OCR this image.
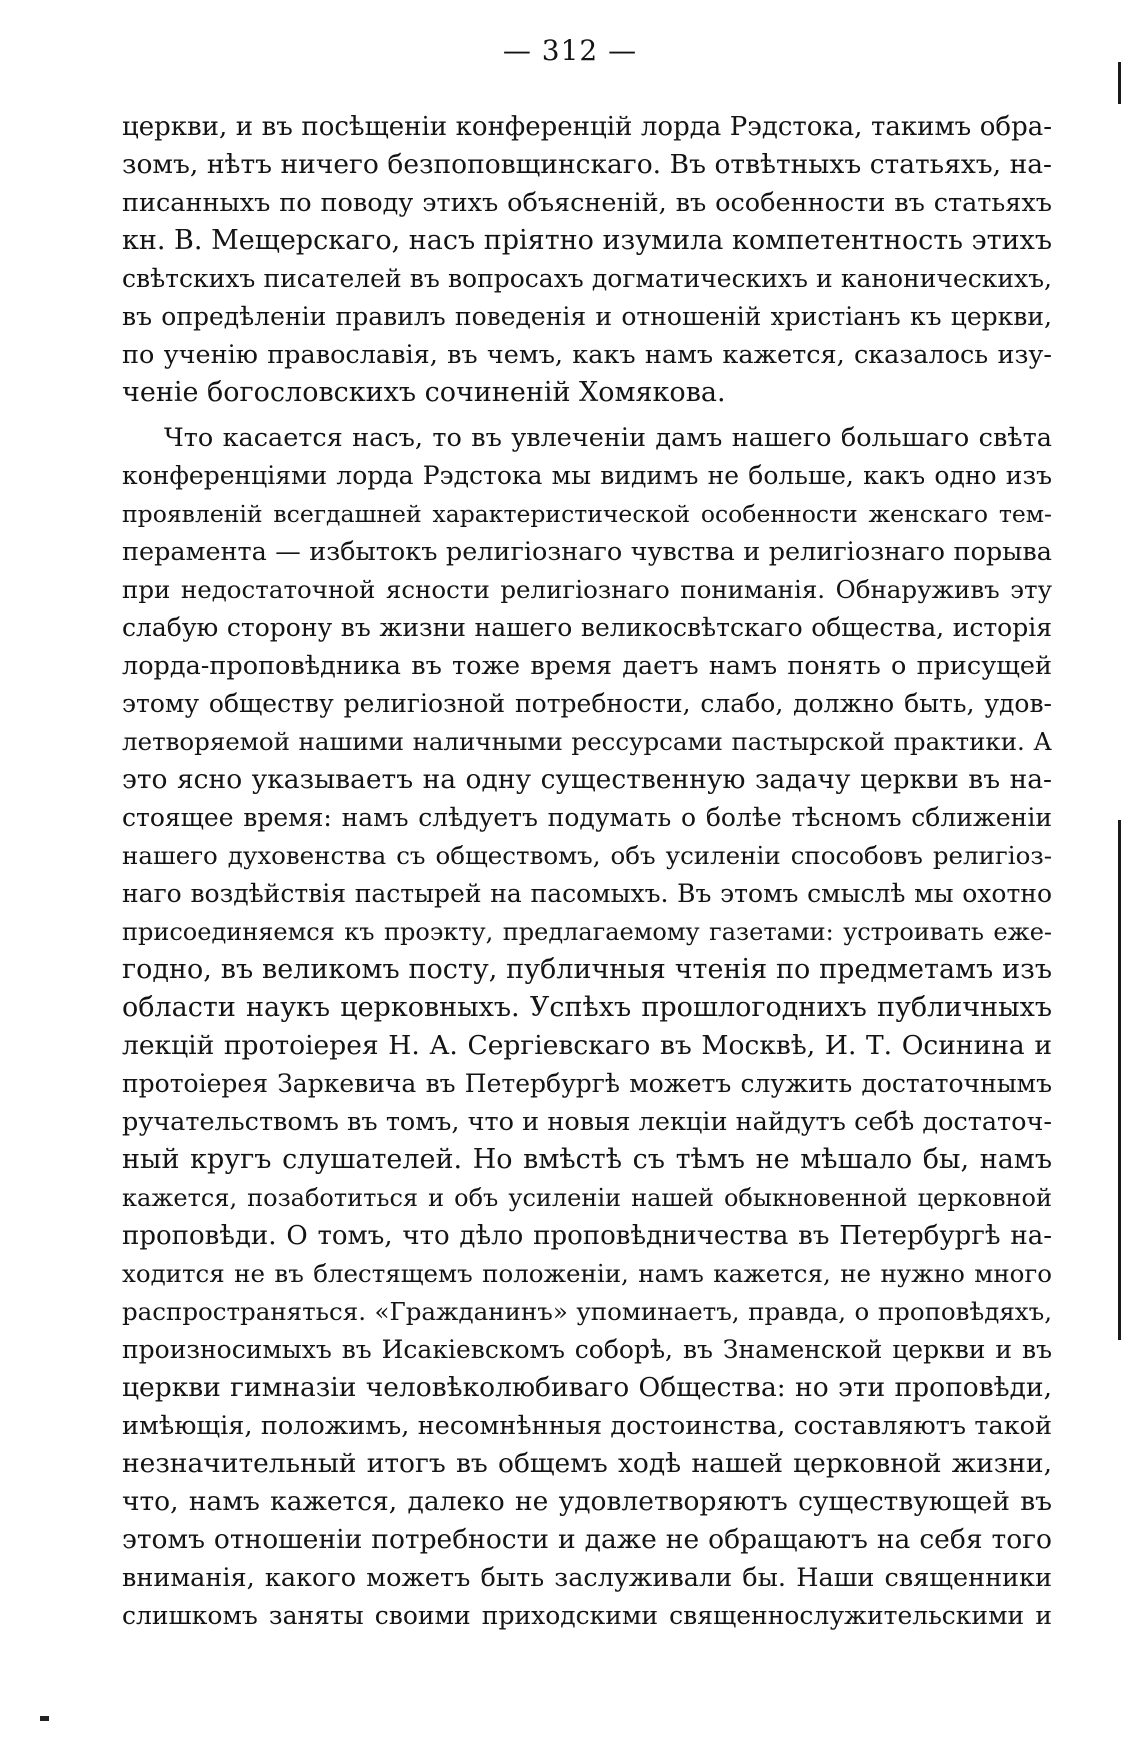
— 312 —
церкви, и въ посѣщеніи конференцій лорда Рэдстока, такимъ обра-
зомъ, нѣтъ ничего безпоповщинскаго. Въ отвѣтныхъ статьяхъ, на-
писанныхъ по поводу этихъ объясненій, въ особенности въ статьяхъ
кн. В. Мещерскаго, насъ пріятно изумила компетентность этихъ
свѣтскихъ писателей въ вопросахъ догматическихъ и каноническихъ,
въ опредѣленіи правилъ поведенія и отношеній христіанъ къ церкви,
по ученію православія, въ чемъ, какъ намъ кажется, сказалось изу-
ченіе богословскихъ сочиненій Хомякова.
Что касается насъ, то въ увлеченіи дамъ нашего большаго свѣта
конференціями лорда Рэдстока мы видимъ не больше, какъ одно изъ
проявленій всегдашней характеристической особенности женскаго тем-
перамента — избытокъ религіознаго чувства и религіознаго порыва
при недостаточной ясности религіознаго пониманія. Обнаруживъ эту
слабую сторону въ жизни нашего великосвѣтскаго общества, исторія
лорда-проповѣдника въ тоже время даетъ намъ понять о присущей
этому обществу религіозной потребности, слабо, должно быть, удов-
летворяемой нашими наличными рессурсами пастырской практики. А
это ясно указываетъ на одну существенную задачу церкви въ на-
стоящее время: намъ слѣдуетъ подумать о болѣе тѣсномъ сближеніи
нашего духовенства съ обществомъ, объ усиленіи способовъ религіоз-
наго воздѣйствія пастырей на пасомыхъ. Въ этомъ смыслѣ мы охотно
присоединяемся къ проэкту, предлагаемому газетами: устроивать еже-
годно, въ великомъ посту, публичныя чтенія по предметамъ изъ
области наукъ церковныхъ. Успѣхъ прошлогоднихъ публичныхъ
лекцій протоіерея Н. А. Сергіевскаго въ Москвѣ, И. Т. Осинина и
протоіерея Заркевича въ Петербургѣ можетъ служить достаточнымъ
ручательствомъ въ томъ, что и новыя лекціи найдутъ себѣ достаточ-
ный кругъ слушателей. Но вмѣстѣ съ тѣмъ не мѣшало бы, намъ
кажется, позаботиться и объ усиленіи нашей обыкновенной церковной
проповѣди. О томъ, что дѣло проповѣдничества въ Петербургѣ на-
ходится не въ блестящемъ положеніи, намъ кажется, не нужно много
распространяться. «Гражданинъ» упоминаетъ, правда, о проповѣдяхъ,
произносимыхъ въ Исакіевскомъ соборѣ, въ Знаменской церкви и въ
церкви гимназіи человѣколюбиваго Общества: но эти проповѣди,
имѣющія, положимъ, несомнѣнныя достоинства, составляютъ такой
незначительный итогъ въ общемъ ходѣ нашей церковной жизни,
что, намъ кажется, далеко не удовлетворяютъ существующей въ
этомъ отношеніи потребности и даже не обращаютъ на себя того
вниманія, какого можетъ быть заслуживали бы. Наши священники
слишкомъ заняты своими приходскими священнослужительскими и
